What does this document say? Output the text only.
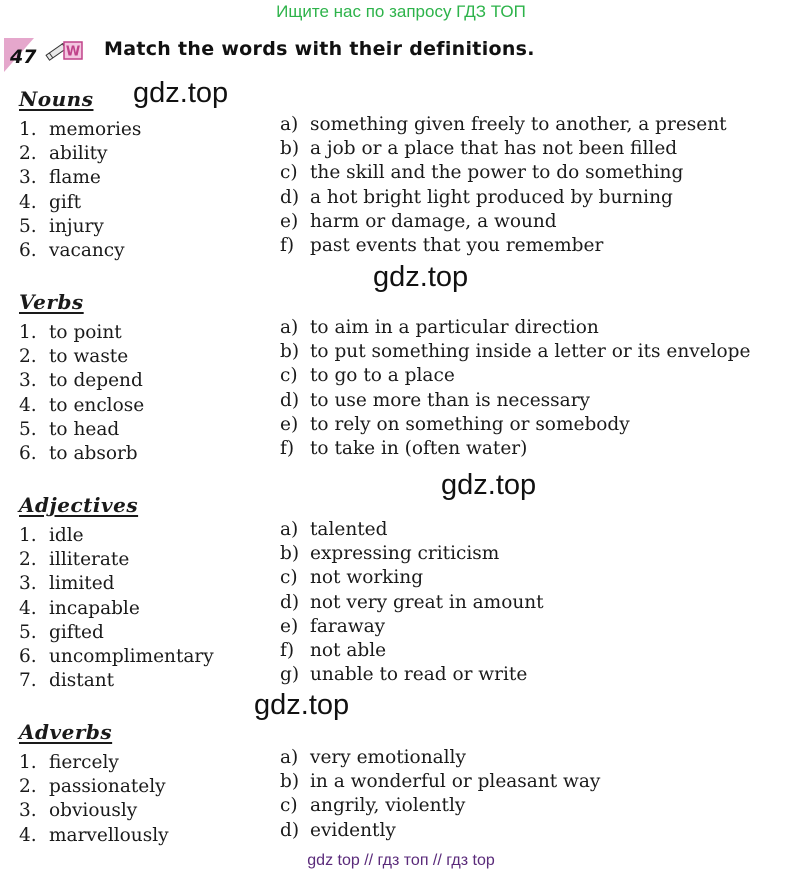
Ищите нас по запросу ГДЗ ТОП
47 W Match the words with their definitions.
Nouns
1. memories
2. ability
3. flame
4. gift
5. injury
6. vacancy
a) something given freely to another, a present
b) a job or a place that has not been filled
c) the skill and the power to do something
d) a hot bright light produced by burning
e) harm or damage, a wound
f) past events that you remember
Verbs
1. to point
2. to waste
3. to depend
4. to enclose
5. to head
6. to absorb
a) to aim in a particular direction
b) to put something inside a letter or its envelope
c) to go to a place
d) to use more than is necessary
e) to rely on something or somebody
f) to take in (often water)
Adjectives
1. idle
2. illiterate
3. limited
4. incapable
5. gifted
6. uncomplimentary
7. distant
a) talented
b) expressing criticism
c) not working
d) not very great in amount
e) faraway
f) not able
g) unable to read or write
Adverbs
1. fiercely
2. passionately
3. obviously
4. marvellously
a) very emotionally
b) in a wonderful or pleasant way
c) angrily, violently
d) evidently
gdz.top
gdz.top
gdz.top
gdz.top
gdz top // гдз топ // гдз top
